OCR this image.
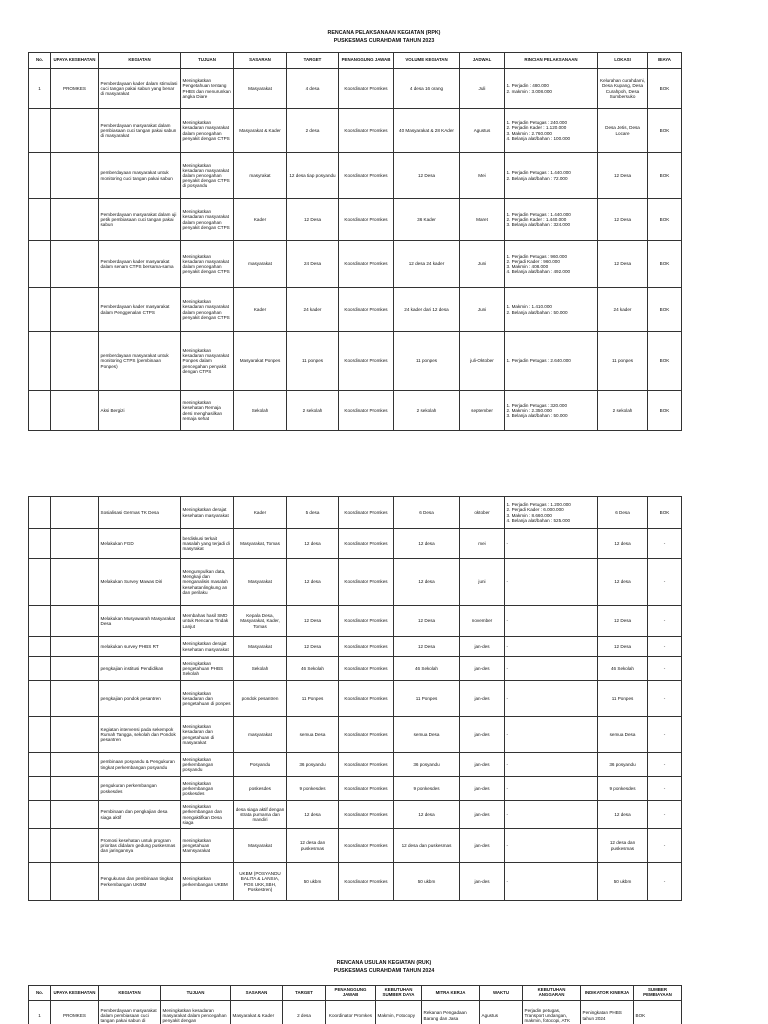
RENCANA PELAKSANAAN KEGIATAN (RPK)
PUSKESMAS CURAHDAMI TAHUN 2023
No.	UPAYA KESEHATAN	KEGIATAN	TUJUAN	SASARAN	TARGET	PENANGGUNG JAWAB	VOLUME KEGIATAN	JADWAL	RINCIAN PELAKSANAAN	LOKASI	BIAYA
1	PROMKES	Pemberdayaan kader dalam stimulasi cuci tangan pakai sabun yang benar di masyarakat	Meningkatkan Pengetahuan tentang PHBS dan menurunkan angka Diare	Masyarakat	4 desa	Koordinator Promkes	4 desa 16 orang	Juli	1. Perjadin : 480.000
2. makmin : 3.008.000	Kelurahan curahdami, Desa Kupang, Desa Curahpoh, Desa Sumbersuko	BOK
		Pemberdayaan masyarakat dalam pembiasaan cuci tangan pakai sabun di masyarakat	Meningkatkan kesadaran masyarakat dalam pencegahan penyakit dengan CTPS	Masyarakat & Kader	2 desa	Koordinator Promkes	40 Masyarakat & 28 KAder	Agustus	1. Perjadin Petugas : 240.000
2. Perjadin Kader : 1.120.000
3. Makmin : 2.760.000
4. Belanja alat/bahan : 100.000	Desa Jetis, Desa Locare	BOK
		pemberdayaan masyarakat untuk monitoring cuci tangan pakai sabun	Meningkatkan kesadaran masyarakat dalam pencegahan penyakit dengan CTPS di posyandu	masyrakat	12 desa tiap posyandu	Koordinator Promkes	12 Desa	Mei	1. Perjadin Petugas : 1.440.000
2. Belanja alat/bahan : 72.000	12 Desa	BOK
		Pemberdayaan masyarakat dalam uji petik pembiasaan cuci tangan pakai sabun	Meningkatkan kesadaran masyarakat dalam pencegahan penyakit dengan CTPS	Kader	12 Desa	Koordinator Promkes	36 Kader	Maret	1. Perjadin Petugas : 1.440.000
2. Perjadin Kader : 1.440.000
3. Belanja alat/bahan : 324.000	12 Desa	BOK
		Pemberdayaan kader masyarakat dalam senam CTPS bersama-sama	Meningkatkan kesadaran masyarakat dalam pencegahan penyakit dengan CTPS	masyarakat	24 Desa	Koordinator Promkes	12 desa 24 kader	Juni	1. Perjadin Petugas : 960.000
2. Perjadi Kader : 960.000
3. Makmin : 408.000
4. Belanja alat/bahan : 492.000	12 Desa	BOK
		Pemberdayaan kader masyarakat dalam Penggenalan CTPS	Meningkatkan kesadaran masyarakat dalam pencegahan penyakit dengan CTPS	Kader	24 kader	Koordinator Promkes	24 kader dari 12 desa	Juni	1. Makmin : 1.410.000
2. Belanja alat/bahan : 50.000	24 kader	BOK
		pemberdayaan masyarakat untuk monitoring CTPS (pembinaan Ponpes)	Meningkatkan kesadaran masyarakat Ponpes dalam pencegahan penyakit dengan CTPS	Masyarakat Ponpes	11 ponpes	Koordinator Promkes	11 ponpes	juli-Oktober	1. Perjadin Petugas : 2.640.000	11 ponpes	BOK
		Aksi Bergizi	meningkatkan kesehatan Remaja dersi menghasilkan remaja sehat	Sekolah	2 sekolah	Koordinator Promkes	2 sekolah	september	1. Perjadin Petugas : 320.000
2. Makmin : 2.350.000
3. Belanja alat/bahan : 50.000	2 sekolah	BOK
		Sosialisasi Germas TK Desa	Meningkatkan derajat kesehatan masyarakat	Kader	5 desa	Koordinator Promkes	6 Desa	oktober	1. Perjadin Petugas : 1.200.000
2. Perjadi Kader : 6.000.000
3. Makmin : 8.660.000
4. Belanja alat/bahan : 525.000	6 Desa	BOK
		Melakukan FGD	berdiskusi terkait masalah yang terjadi di masyrakat	Masyarakat, Tomas	12 desa	Koordinator Promkes	12 desa	mei	-	12 desa	-
		Melakukan Survey Mawas Diri	Mengumpulkan data, Mengkaji dan menganalisis masalah kesehatanlingkung an dan perilaku	Masyarakat	12 desa	Koordinator Promkes	12 desa	juni	-	12 desa	-
		Melakukan Musyawarah Masyarakat Desa	Membahas hasil SMD untuk Rencana Tindak Lanjut	Kepala Desa, Masyarakat, Kader, Tomas	12 Desa	Koordinator Promkes	12 Desa	november	-	12 Desa	-
		melakukan survey PHBS RT	Meningkatkan derajat kesehatan masyarakat	Masyarakat	12 Desa	Koordinator Promkes	12 Desa	jan-des	-	12 Desa	-
		pengkajian institusi Pendidikan	Meningkatkan pengetahuan PHBS Sekolah	Sekolah	46 Sekolah	Koordinator Promkes	46 Sekolah	jan-des	-	46 Sekolah	-
		pengkajian pondok pesantren	Meningkatkan kesadaran dan pengetahuan di ponpes	pondok pesantren	11 Ponpes	Koordinator Promkes	11 Ponpes	jan-des	-	11 Ponpes	-
		Kegiatan intervensi pada sekempok Rumah Tangga, sekolah dan Pondok pesantren	Meningkatkan kesadaran dan pengetahuan di masyarakat	masyarakat	semua Desa	Koordinator Promkes	semua Desa	jan-des	-	semua Desa	-
		pembinaan posyandu & Pengukuran tingkat perkembangan posyandu	Meningkatkan perkembangan posyandu	Posyandu	36 posyandu	Koordinator Promkes	36 posyandu	jan-des	-	36 posyandu	-
		pengukuran perkembangan poskesdes	Meningkatkan perkembangan poskesdes	poskesdes	9 ponkesdes	Koordinator Promkes	9 ponkesdes	jan-des	-	9 ponkesdes	-
		Pembinaan dan pengkajian desa siaga aktif	Meningkatkan perkembangan dan mengaktifkan Desa siaga	desa siaga aktif dengan strata purnama dan mandiri	12 desa	Koordinator Promkes	12 desa	jan-des	-	12 desa	-
		Promosi kesehatan untuk program prioritas didalam gedung puskesmas dan jaringannya	meningkatkan pengetahuan Mamsyarakat	Masyarakat	12 desa dan puskesmas	Koordinator Promkes	12 desa dan puskesmas	jan-des	-	12 desa dan puskesmas	-
		Pengukuran dan pembinaan tingkat Perkembangan UKBM	Meningkatkan perkembangan UKBM	UKBM (POSYANDU BALITA & LANSIA, POS UKK,SBH, Poskestren)	50 ukbm	Koordinator Promkes	50 ukbm	jan-des	-	50 ukbm	-
RENCANA USULAN KEGIATAN (RUK)
PUSKESMAS CURAHDAMI TAHUN 2024
No.	UPAYA KESEHATAN	KEGIATAN	TUJUAN	SASARAN	TARGET	PENANGGUNG JAWAB	KEBUTUHAN SUMBER DAYA	MITRA KERJA	WAKTU	KEBUTUHAN ANGGARAN	INDIKATOR KINERJA	SUMBER PEMBIAYAAN
1	PROMKES	Pemberdayaan masyarakat dalam pembiasaan cuci tangan pakai sabun di	Meningkatkan kesadaran masyarakat dalam pencegahan penyakit dengan	Masyarakat & Kader	2 desa	Koordinator Promkes	Makmin, Fotocopy	Rekanan Pengadaan Barang dan Jasa	Agustus	Perjadin petugas, Transport undangan, makmin, fotocopi, ATK	Peningkatan PHBS tahun 2024	BOK
